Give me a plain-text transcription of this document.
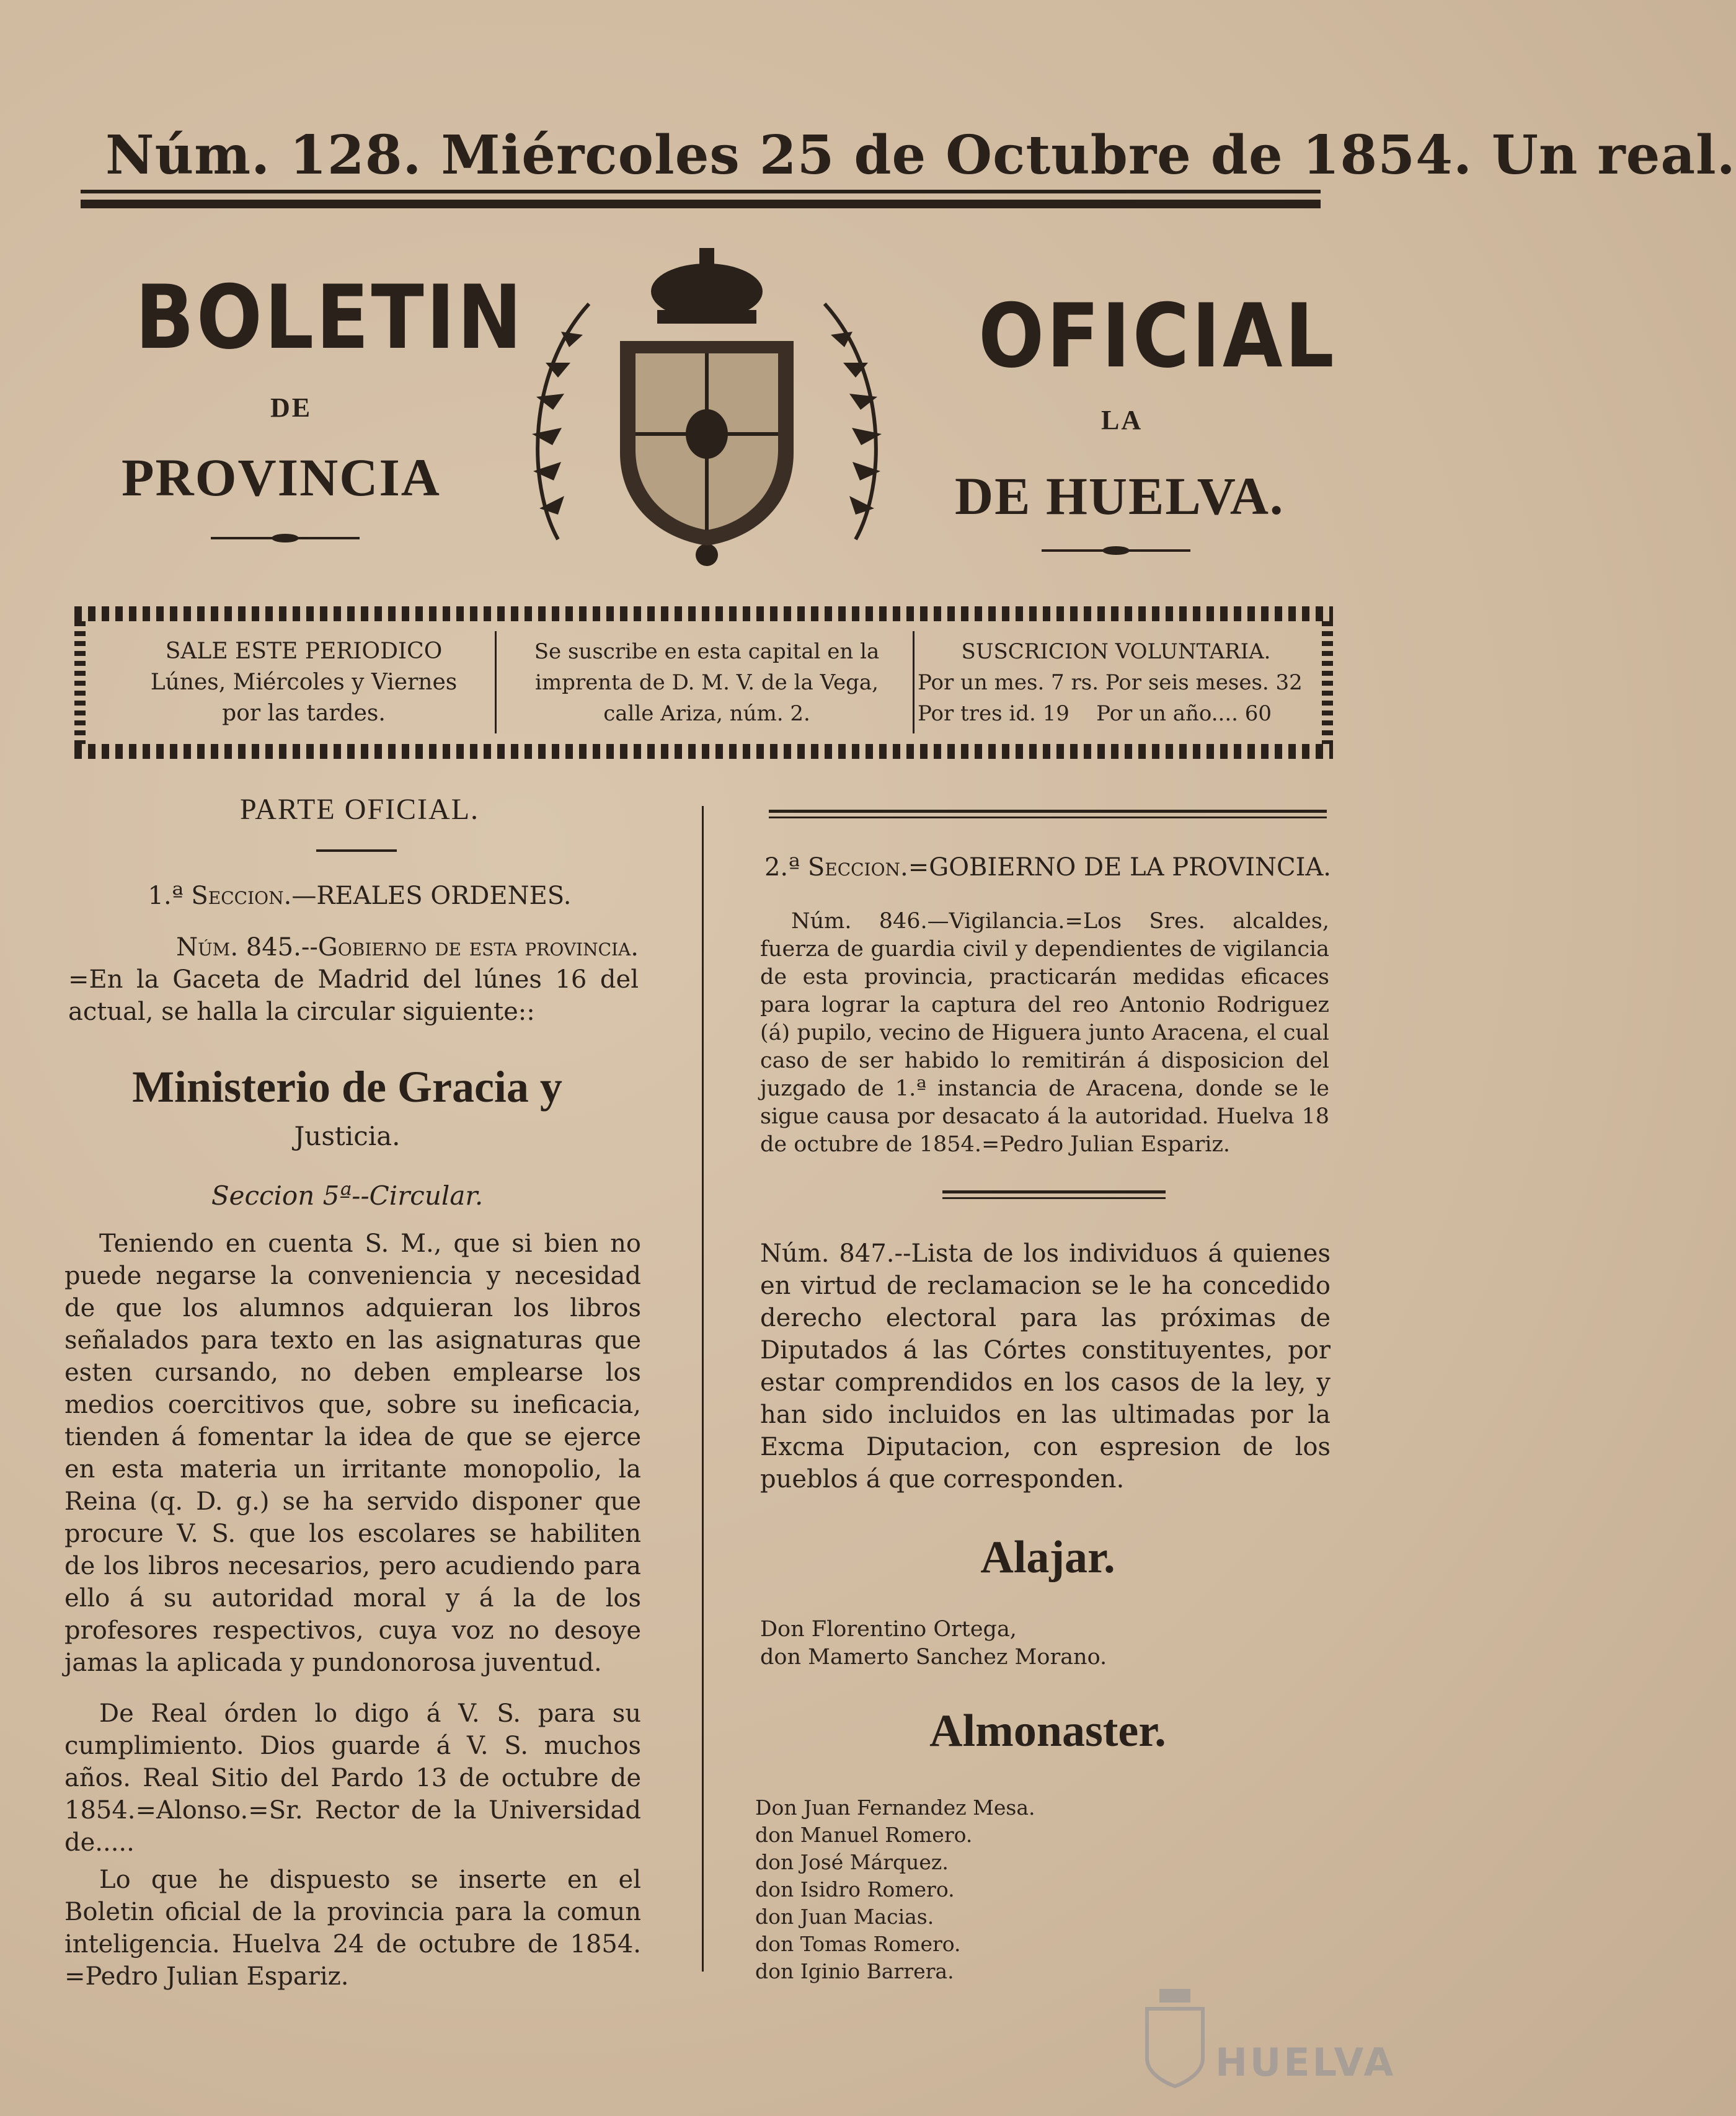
Núm. 128. Miércoles 25 de Octubre de 1854. Un real.
BOLETIN
DE
PROVINCIA
OFICIAL
LA
DE HUELVA.
SALE ESTE PERIODICO
Lúnes, Miércoles y Viernes
por las tardes.
Se suscribe en esta capital en la
imprenta de D. M. V. de la Vega,
calle Ariza, núm. 2.
SUSCRICION VOLUNTARIA.
Por un mes. 7 rs. Por seis meses. 32
Por tres id. 19    Por un año.... 60
PARTE OFICIAL.
1.ª Seccion.—REALES ORDENES.
Núm. 845.--Gobierno de esta provincia.
=En la Gaceta de Madrid del lúnes 16 del actual, se halla la circular siguiente::
Ministerio de Gracia y
Justicia.
Seccion 5ª--Circular.
Teniendo en cuenta S. M., que si bien no puede negarse la conveniencia y necesidad de que los alumnos adquieran los libros señalados para texto en las asignaturas que esten cursando, no deben emplearse los medios coercitivos que, sobre su ineficacia, tienden á fomentar la idea de que se ejerce en esta materia un irritante monopolio, la Reina (q. D. g.) se ha servido disponer que procure V. S. que los escolares se habiliten de los libros necesarios, pero acudiendo para ello á su autoridad moral y á la de los profesores respectivos, cuya voz no desoye jamas la aplicada y pundonorosa juventud.
De Real órden lo digo á V. S. para su cumplimiento. Dios guarde á V. S. muchos años. Real Sitio del Pardo 13 de octubre de 1854.=Alonso.=Sr. Rector de la Universidad de.....
Lo que he dispuesto se inserte en el Boletin oficial de la provincia para la comun inteligencia. Huelva 24 de octubre de 1854. =Pedro Julian Espariz.
2.ª Seccion.=GOBIERNO DE LA PROVINCIA.
Núm. 846.—Vigilancia.=Los Sres. alcaldes, fuerza de guardia civil y dependientes de vigilancia de esta provincia, practicarán medidas eficaces para lograr la captura del reo Antonio Rodriguez (á) pupilo, vecino de Higuera junto Aracena, el cual caso de ser habido lo remitirán á disposicion del juzgado de 1.ª instancia de Aracena, donde se le sigue causa por desacato á la autoridad. Huelva 18 de octubre de 1854.=Pedro Julian Espariz.
Núm. 847.--Lista de los individuos á quienes en virtud de reclamacion se le ha concedido derecho electoral para las próximas de Diputados á las Córtes constituyentes, por estar comprendidos en los casos de la ley, y han sido incluidos en las ultimadas por la Excma Diputacion, con espresion de los pueblos á que corresponden.
Alajar.
Don Florentino Ortega,
don Mamerto Sanchez Morano.
Almonaster.
Don Juan Fernandez Mesa.
don Manuel Romero.
don José Márquez.
don Isidro Romero.
don Juan Macias.
don Tomas Romero.
don Iginio Barrera.
HUELVA
